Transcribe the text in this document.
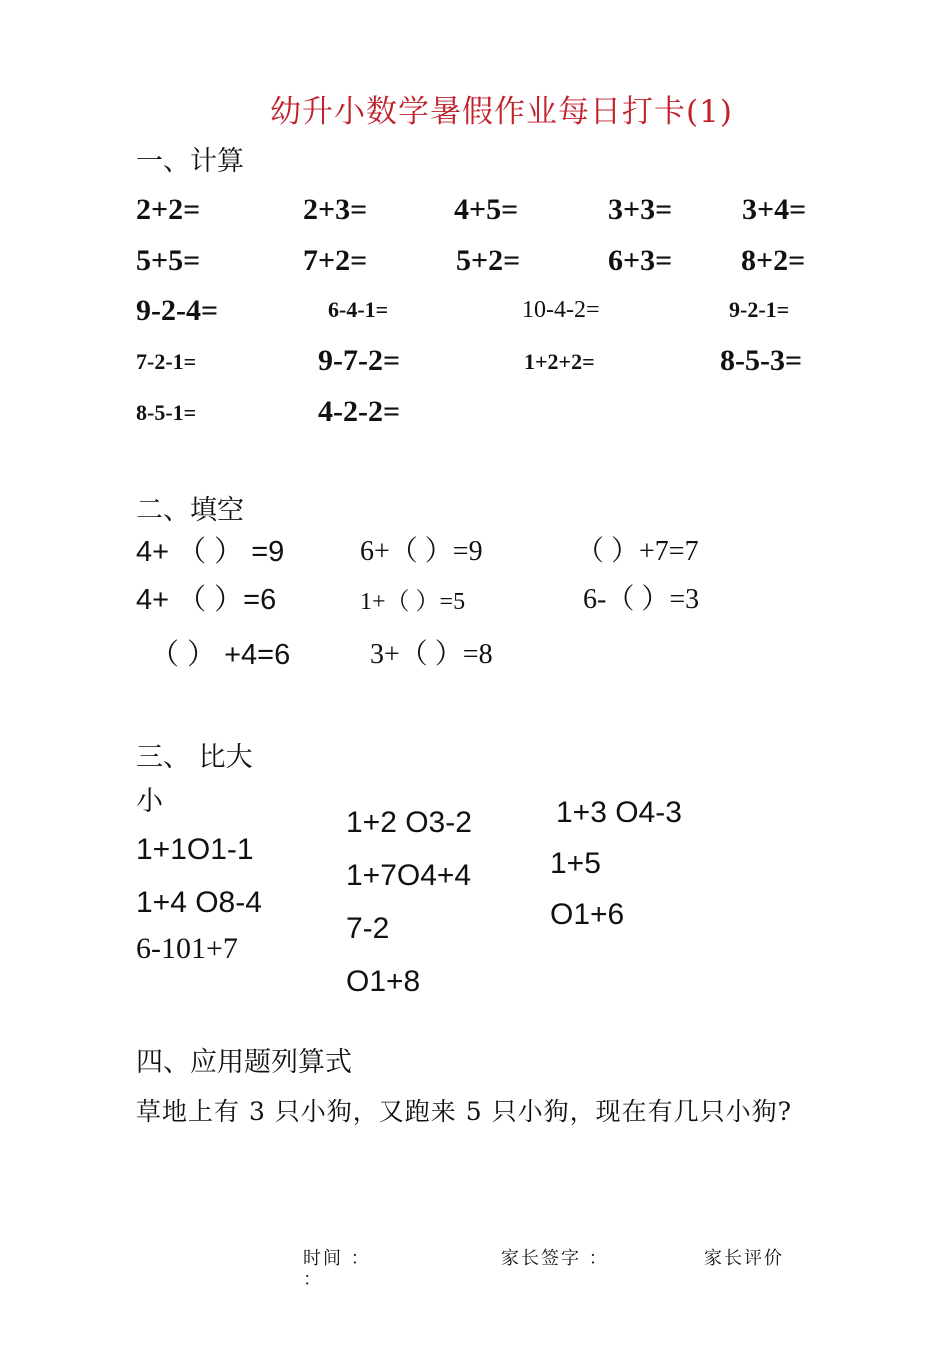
幼升小数学暑假作业每日打卡(1)
一、计算
2+2=	2+3=	4+5=	3+3= 3+4=
5+5=	7+2=	5+2=	6+3= 8+2=
9-2-4=	6-4-1=	10-4-2=	9-2-1=
7-2-1=	9-7-2=	1+2+2=	8-5-3=
8-5-1=	4-2-2=
二、填空
4+ （ ） =9	6+（ ）=9	（ ）+7=7
4+ （ ）=6	1+（ ）=5	6-（ ）=3
（ ） +4=6	3+（ ）=8
三、 比大
小
1+1O1-1
1+4 O8-4
6-101+7
1+2 O3-2
1+7O4+4
7-2
O1+8
1+3 O4-3
1+5
O1+6
四、应用题列算式
草地上有 3 只小狗，又跑来 5 只小狗，现在有几只小狗?
时间 ：
：
家长签字 ：	家长评价
